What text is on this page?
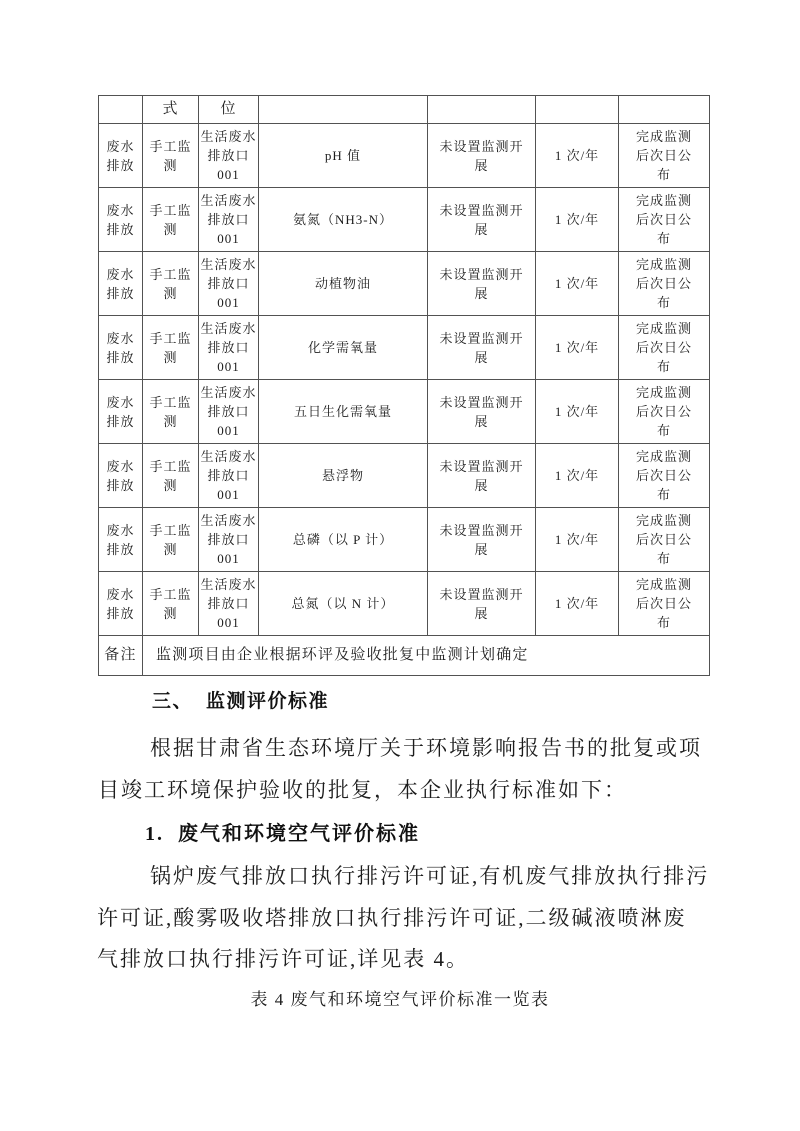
	式	位				
废水排放	手工监测	生活废水排放口001	pH 值	未设置监测开展	1 次/年	完成监测后次日公布
废水排放	手工监测	生活废水排放口001	氨氮（NH3-N）	未设置监测开展	1 次/年	完成监测后次日公布
废水排放	手工监测	生活废水排放口001	动植物油	未设置监测开展	1 次/年	完成监测后次日公布
废水排放	手工监测	生活废水排放口001	化学需氧量	未设置监测开展	1 次/年	完成监测后次日公布
废水排放	手工监测	生活废水排放口001	五日生化需氧量	未设置监测开展	1 次/年	完成监测后次日公布
废水排放	手工监测	生活废水排放口001	悬浮物	未设置监测开展	1 次/年	完成监测后次日公布
废水排放	手工监测	生活废水排放口001	总磷（以 P 计）	未设置监测开展	1 次/年	完成监测后次日公布
废水排放	手工监测	生活废水排放口001	总氮（以 N 计）	未设置监测开展	1 次/年	完成监测后次日公布
备注	监测项目由企业根据环评及验收批复中监测计划确定					
三、 监测评价标准
根据甘肃省生态环境厅关于环境影响报告书的批复或项
目竣工环境保护验收的批复，本企业执行标准如下：
1. 废气和环境空气评价标准
锅炉废气排放口执行排污许可证,有机废气排放执行排污
许可证,酸雾吸收塔排放口执行排污许可证,二级碱液喷淋废
气排放口执行排污许可证,详见表 4。
表 4 废气和环境空气评价标准一览表
